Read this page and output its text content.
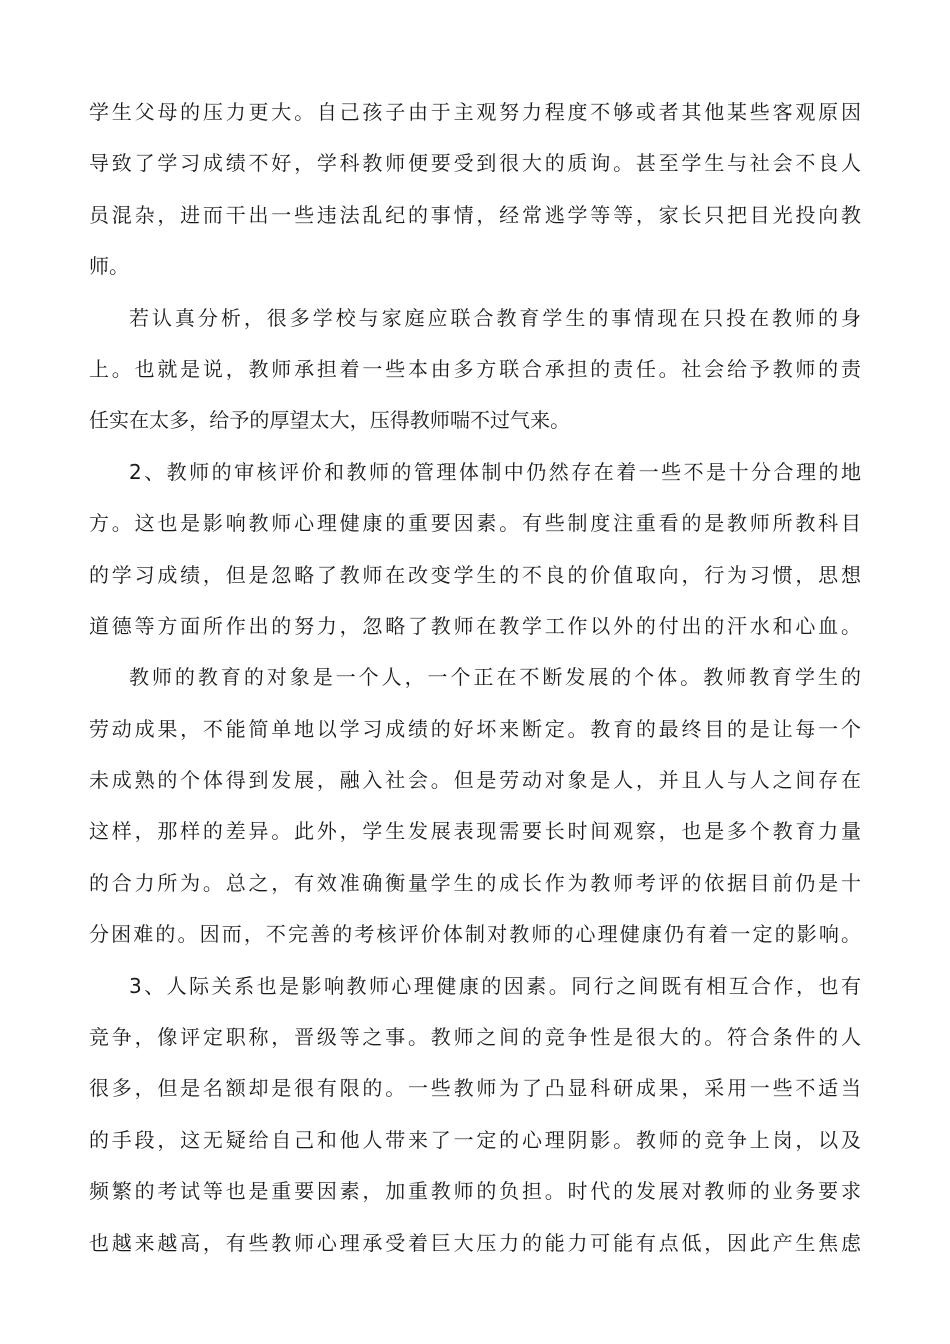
学生父母的压力更大。自己孩子由于主观努力程度不够或者其他某些客观原因
导致了学习成绩不好，学科教师便要受到很大的质询。甚至学生与社会不良人
员混杂，进而干出一些违法乱纪的事情，经常逃学等等，家长只把目光投向教
师。
若认真分析，很多学校与家庭应联合教育学生的事情现在只投在教师的身
上。也就是说，教师承担着一些本由多方联合承担的责任。社会给予教师的责
任实在太多，给予的厚望太大，压得教师喘不过气来。
2、教师的审核评价和教师的管理体制中仍然存在着一些不是十分合理的地
方。这也是影响教师心理健康的重要因素。有些制度注重看的是教师所教科目
的学习成绩，但是忽略了教师在改变学生的不良的价值取向，行为习惯，思想
道德等方面所作出的努力，忽略了教师在教学工作以外的付出的汗水和心血。
教师的教育的对象是一个人，一个正在不断发展的个体。教师教育学生的
劳动成果，不能简单地以学习成绩的好坏来断定。教育的最终目的是让每一个
未成熟的个体得到发展，融入社会。但是劳动对象是人，并且人与人之间存在
这样，那样的差异。此外，学生发展表现需要长时间观察，也是多个教育力量
的合力所为。总之，有效准确衡量学生的成长作为教师考评的依据目前仍是十
分困难的。因而，不完善的考核评价体制对教师的心理健康仍有着一定的影响。
3、人际关系也是影响教师心理健康的因素。同行之间既有相互合作，也有
竞争，像评定职称，晋级等之事。教师之间的竞争性是很大的。符合条件的人
很多，但是名额却是很有限的。一些教师为了凸显科研成果，采用一些不适当
的手段，这无疑给自己和他人带来了一定的心理阴影。教师的竞争上岗，以及
频繁的考试等也是重要因素，加重教师的负担。时代的发展对教师的业务要求
也越来越高，有些教师心理承受着巨大压力的能力可能有点低，因此产生焦虑
